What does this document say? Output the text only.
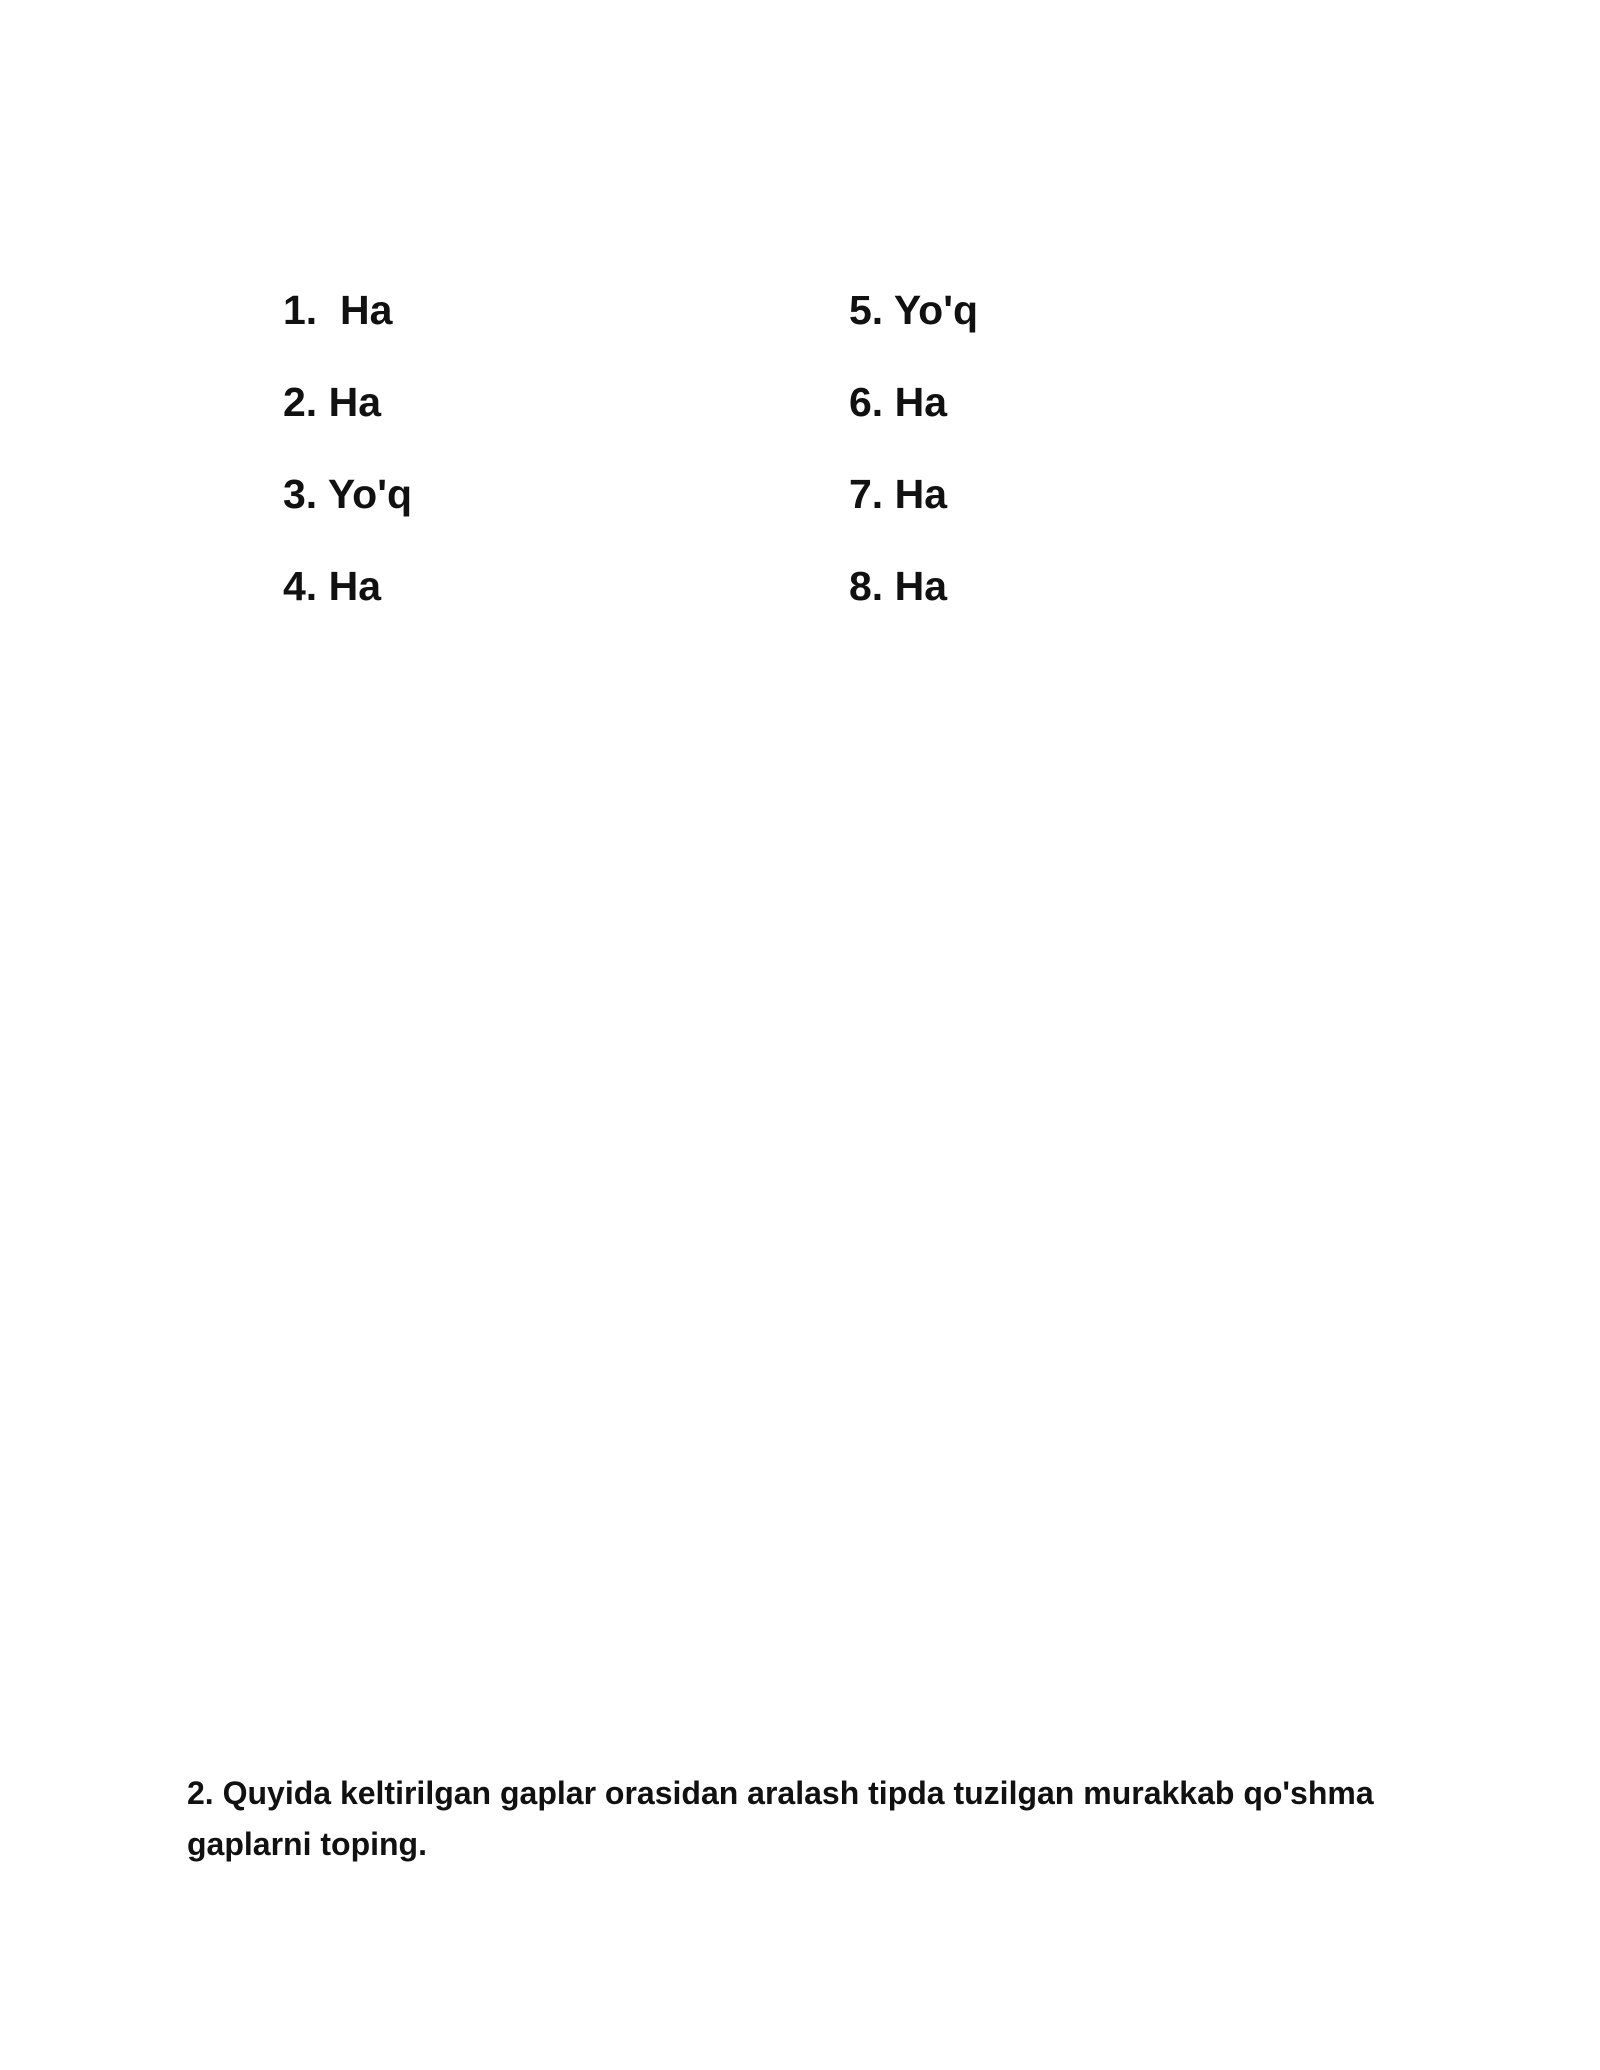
1.  Ha
2. Ha
3. Yo'q
4. Ha
5. Yo'q
6. Ha
7. Ha
8. Ha
2. Quyida keltirilgan gaplar orasidan aralash tipda tuzilgan murakkab qo'shma gaplarni toping.
